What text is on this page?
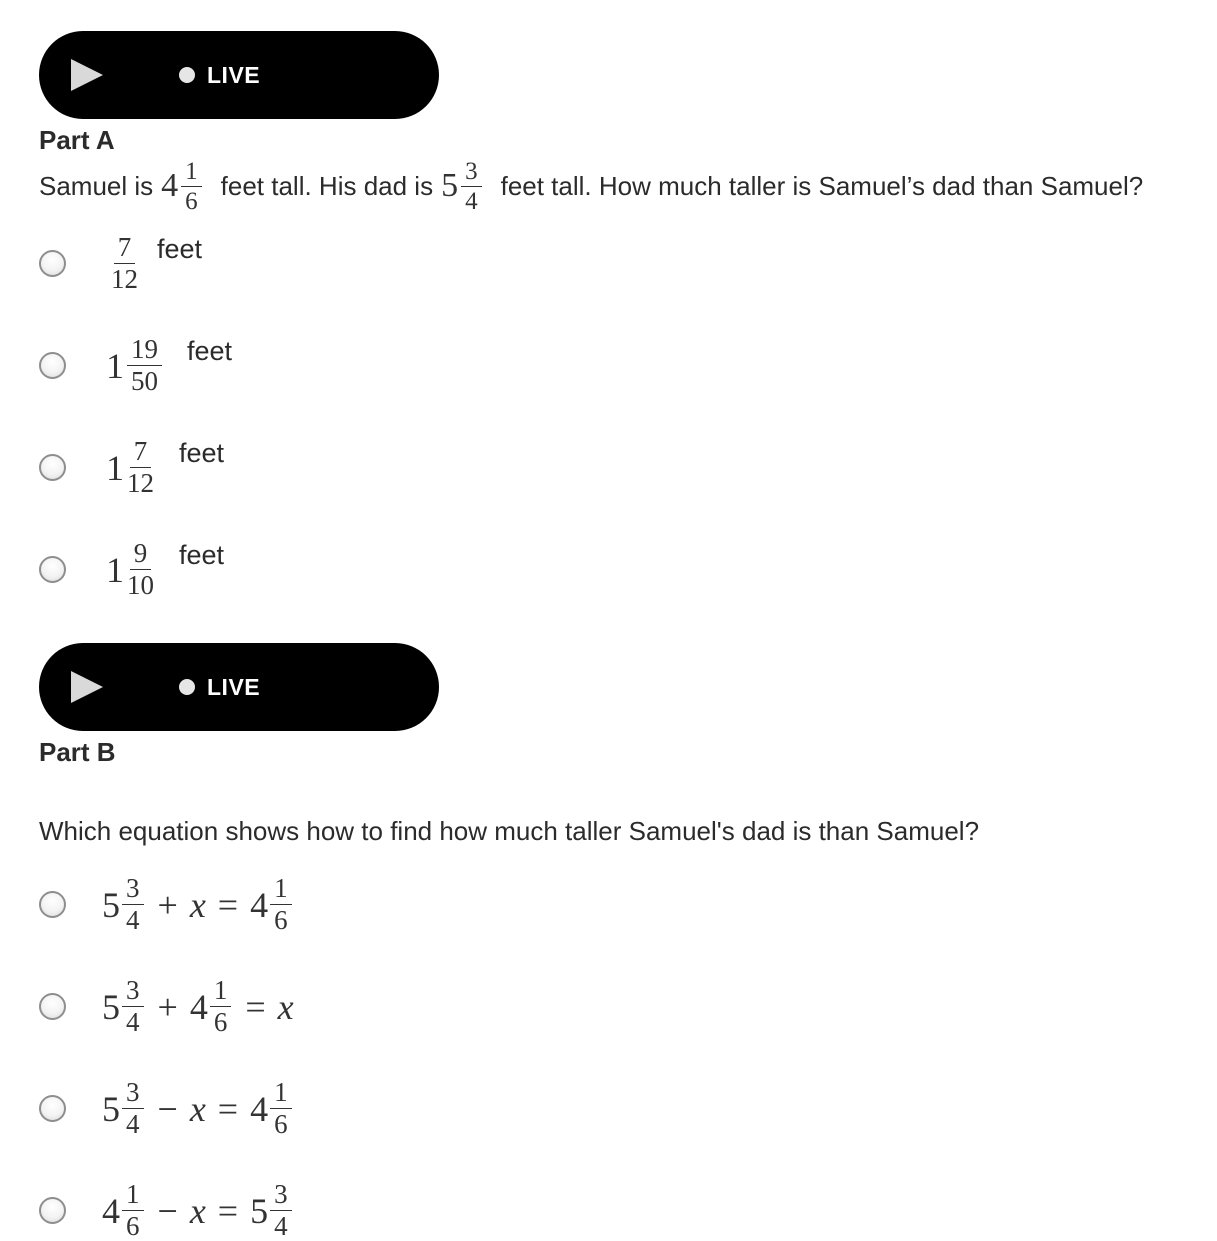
LIVE
Part A
Samuel is $4 \frac{1}{6}$ feet tall. His dad is $5 \frac{3}{4}$ feet tall. How much taller is Samuel’s dad than Samuel?
$\frac{7}{12}$ feet
$1 \frac{19}{50}$ feet
$1 \frac{7}{12}$ feet
$1 \frac{9}{10}$ feet
LIVE
Part B
Which equation shows how to find how much taller Samuel's dad is than Samuel?
$5 \frac{3}{4} + x = 4 \frac{1}{6}$
$5 \frac{3}{4} + 4 \frac{1}{6} = x$
$5 \frac{3}{4} - x = 4 \frac{1}{6}$
$4 \frac{1}{6} - x = 5 \frac{3}{4}$
